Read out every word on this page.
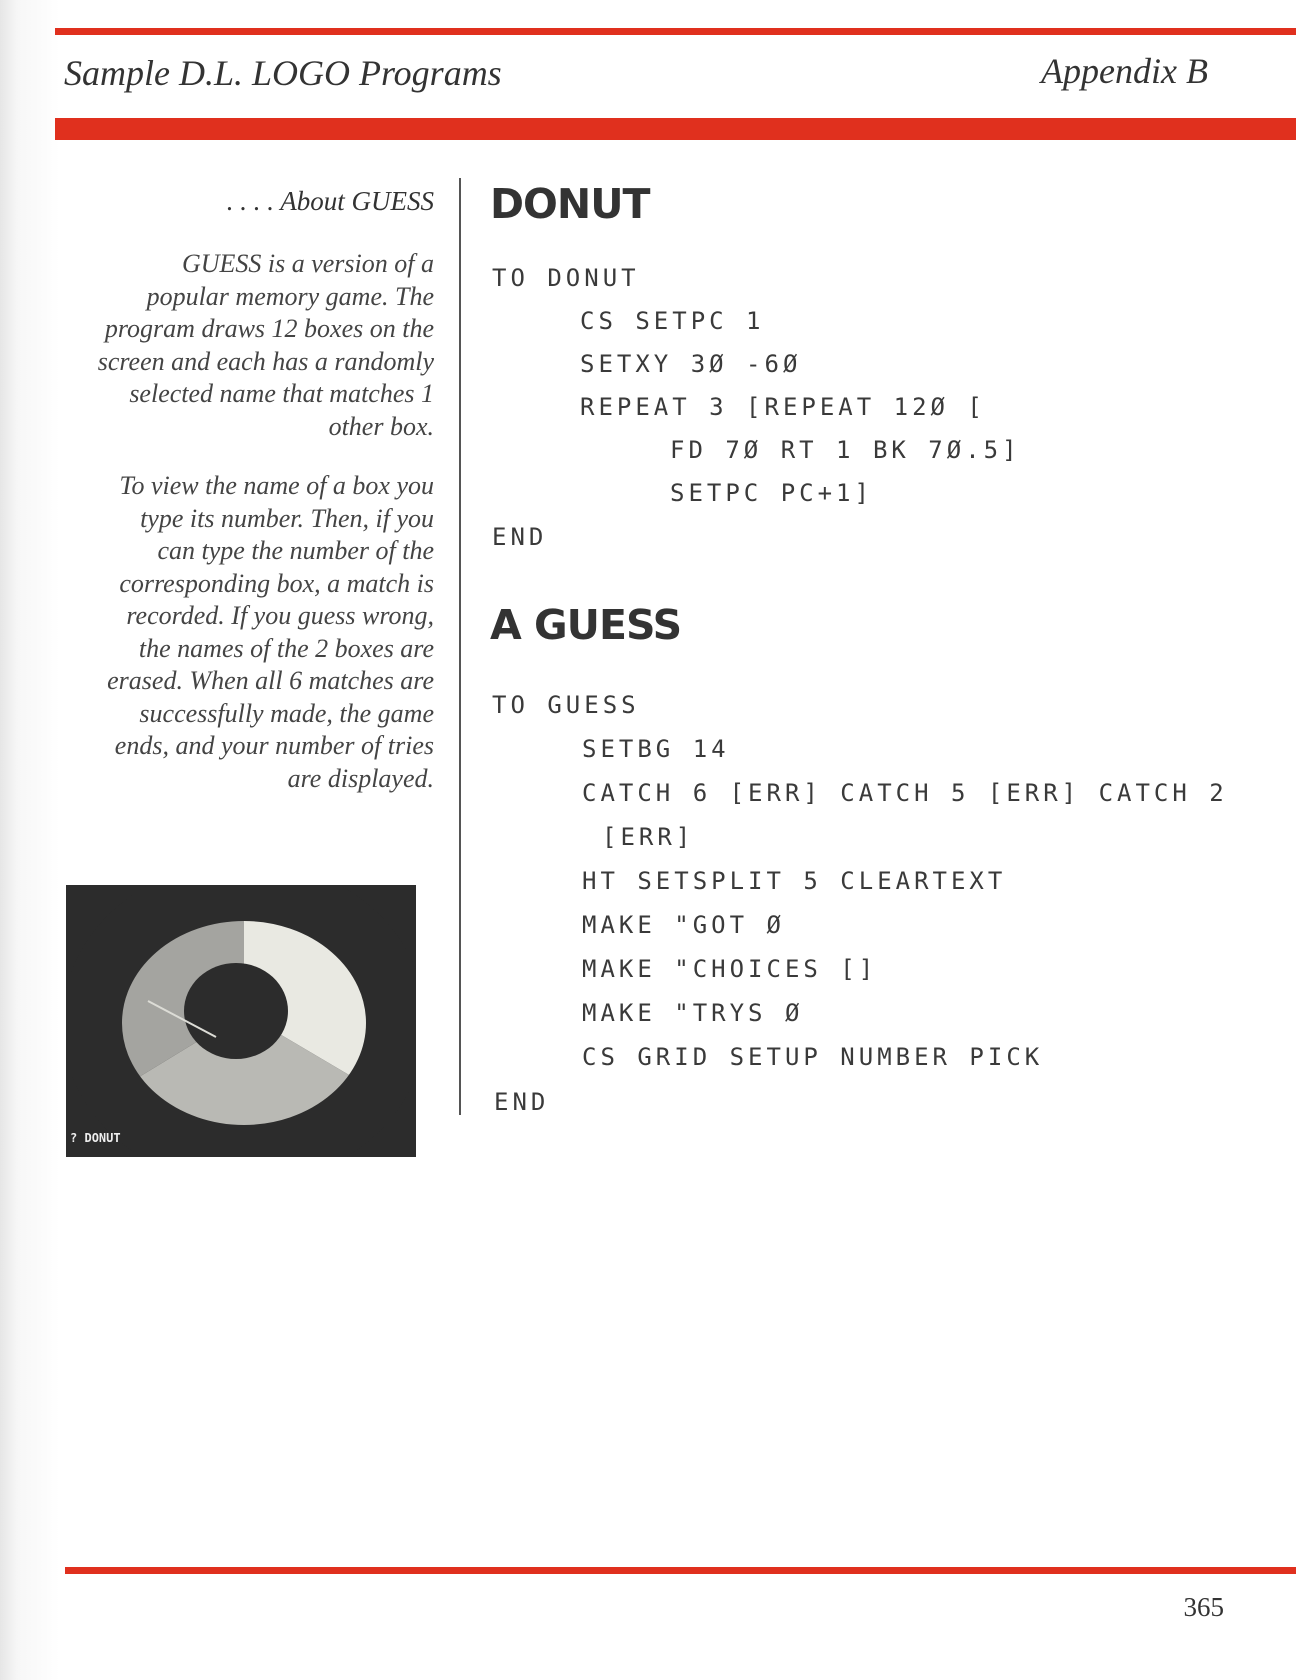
Sample D.L. LOGO Programs	Appendix B
. . . . About GUESS
GUESS is a version of a
popular memory game. The
program draws 12 boxes on the
screen and each has a randomly
selected name that matches 1
other box.
To view the name of a box you
type its number. Then, if you
can type the number of the
corresponding box, a match is
recorded. If you guess wrong,
the names of the 2 boxes are
erased. When all 6 matches are
successfully made, the game
ends, and your number of tries
are displayed.
? DONUT
DONUT
TO DONUT
CS SETPC 1
SETXY 3Ø -6Ø
REPEAT 3 [REPEAT 12Ø [
FD 7Ø RT 1 BK 7Ø.5]
SETPC PC+1]
END
A GUESS
TO GUESS
SETBG 14
CATCH 6 [ERR] CATCH 5 [ERR] CATCH 2
[ERR]
HT SETSPLIT 5 CLEARTEXT
MAKE "GOT Ø
MAKE "CHOICES []
MAKE "TRYS Ø
CS GRID SETUP NUMBER PICK
END
365
